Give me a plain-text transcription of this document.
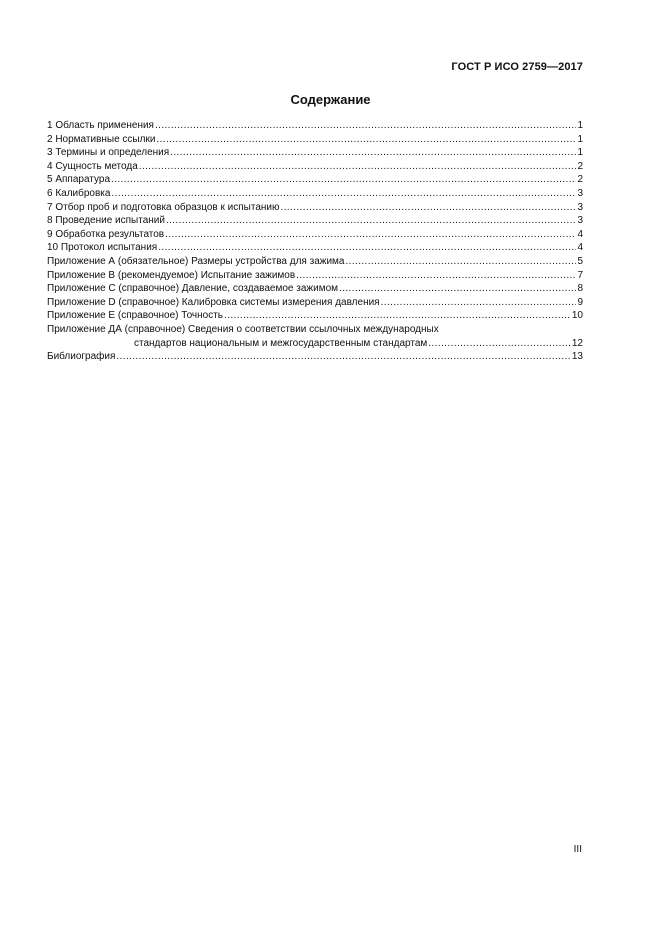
ГОСТ Р ИСО 2759—2017
Содержание
1 Область применения .....	1
2 Нормативные ссылки .....	1
3 Термины и определения .....	1
4 Сущность метода .....	2
5 Аппаратура .....	2
6 Калибровка .....	3
7 Отбор проб и подготовка образцов к испытанию .....	3
8 Проведение испытаний .....	3
9 Обработка результатов .....	4
10 Протокол испытания .....	4
Приложение А (обязательное) Размеры устройства для зажима .....	5
Приложение В (рекомендуемое) Испытание зажимов .....	7
Приложение С (справочное) Давление, создаваемое зажимом .....	8
Приложение D (справочное) Калибровка системы измерения давления .....	9
Приложение Е (справочное) Точность .....	10
Приложение ДА (справочное) Сведения о соответствии ссылочных международных
стандартов национальным и межгосударственным стандартам .....	12
Библиография .....	13
III
